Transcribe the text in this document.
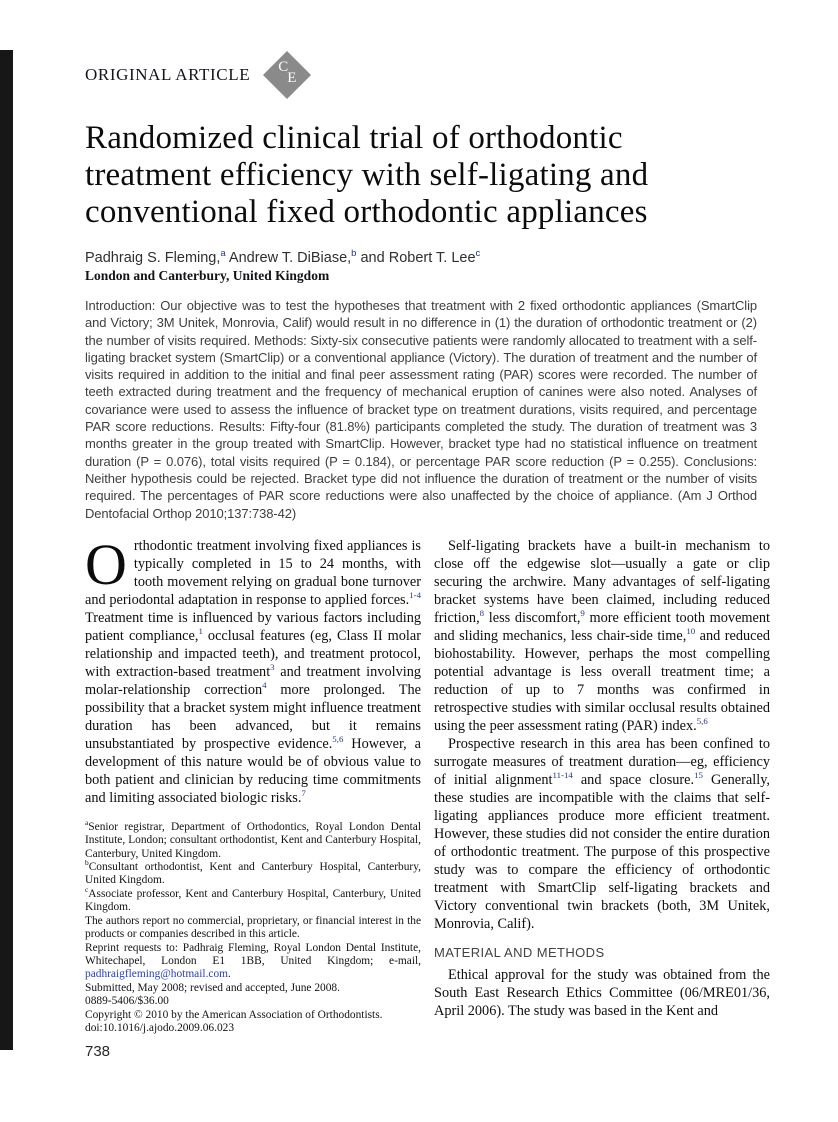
ORIGINAL ARTICLE C
E
Randomized clinical trial of orthodontic
treatment efficiency with self-ligating and
conventional fixed orthodontic appliances
Padhraig S. Fleming,$^a$ Andrew T. DiBiase,$^b$ and Robert T. Lee$^c$
London and Canterbury, United Kingdom

Introduction: Our objective was to test the hypotheses that treatment with 2 fixed orthodontic appliances (SmartClip and Victory; 3M Unitek, Monrovia, Calif) would result in no difference in (1) the duration of orthodontic treatment or (2) the number of visits required. Methods: Sixty-six consecutive patients were randomly allocated to treatment with a self-ligating bracket system (SmartClip) or a conventional appliance (Victory). The duration of treatment and the number of visits required in addition to the initial and final peer assessment rating (PAR) scores were recorded. The number of teeth extracted during treatment and the frequency of mechanical eruption of canines were also noted. Analyses of covariance were used to assess the influence of bracket type on treatment durations, visits required, and percentage PAR score reductions. Results: Fifty-four (81.8%) participants completed the study. The duration of treatment was 3 months greater in the group treated with SmartClip. However, bracket type had no statistical influence on treatment duration (P = 0.076), total visits required (P = 0.184), or percentage PAR score reduction (P = 0.255). Conclusions: Neither hypothesis could be rejected. Bracket type did not influence the duration of treatment or the number of visits required. The percentages of PAR score reductions were also unaffected by the choice of appliance. (Am J Orthod Dentofacial Orthop 2010;137:738-42)

Orthodontic treatment involving fixed appliances is typically completed in 15 to 24 months, with tooth movement relying on gradual bone turnover and periodontal adaptation in response to applied forces.$^{1-4}$ Treatment time is influenced by various factors including patient compliance,$^1$ occlusal features (eg, Class II molar relationship and impacted teeth), and treatment protocol, with extraction-based treatment$^3$ and treatment involving molar-relationship correction$^4$ more prolonged. The possibility that a bracket system might influence treatment duration has been advanced, but it remains unsubstantiated by prospective evidence.$^{5,6}$ However, a development of this nature would be of obvious value to both patient and clinician by reducing time commitments and limiting associated biologic risks.$^7$

$^a$Senior registrar, Department of Orthodontics, Royal London Dental Institute, London; consultant orthodontist, Kent and Canterbury Hospital, Canterbury, United Kingdom.

$^b$Consultant orthodontist, Kent and Canterbury Hospital, Canterbury, United Kingdom.

$^c$Associate professor, Kent and Canterbury Hospital, Canterbury, United Kingdom.

The authors report no commercial, proprietary, or financial interest in the products or companies described in this article.

Reprint requests to: Padhraig Fleming, Royal London Dental Institute, Whitechapel, London E1 1BB, United Kingdom; e-mail, padhraigfleming@hotmail.com.

Submitted, May 2008; revised and accepted, June 2008.

0889-5406/$36.00

Copyright © 2010 by the American Association of Orthodontists.

doi:10.1016/j.ajodo.2009.06.023

738

Self-ligating brackets have a built-in mechanism to close off the edgewise slot—usually a gate or clip securing the archwire. Many advantages of self-ligating bracket systems have been claimed, including reduced friction,$^8$ less discomfort,$^9$ more efficient tooth movement and sliding mechanics, less chair-side time,$^{10}$ and reduced biohostability. However, perhaps the most compelling potential advantage is less overall treatment time; a reduction of up to 7 months was confirmed in retrospective studies with similar occlusal results obtained using the peer assessment rating (PAR) index.$^{5,6}$

Prospective research in this area has been confined to surrogate measures of treatment duration—eg, efficiency of initial alignment$^{11-14}$ and space closure.$^{15}$ Generally, these studies are incompatible with the claims that self-ligating appliances produce more efficient treatment. However, these studies did not consider the entire duration of orthodontic treatment. The purpose of this prospective study was to compare the efficiency of orthodontic treatment with SmartClip self-ligating brackets and Victory conventional twin brackets (both, 3M Unitek, Monrovia, Calif).

MATERIAL AND METHODS

Ethical approval for the study was obtained from the South East Research Ethics Committee (06/MRE01/36, April 2006). The study was based in the Kent and
